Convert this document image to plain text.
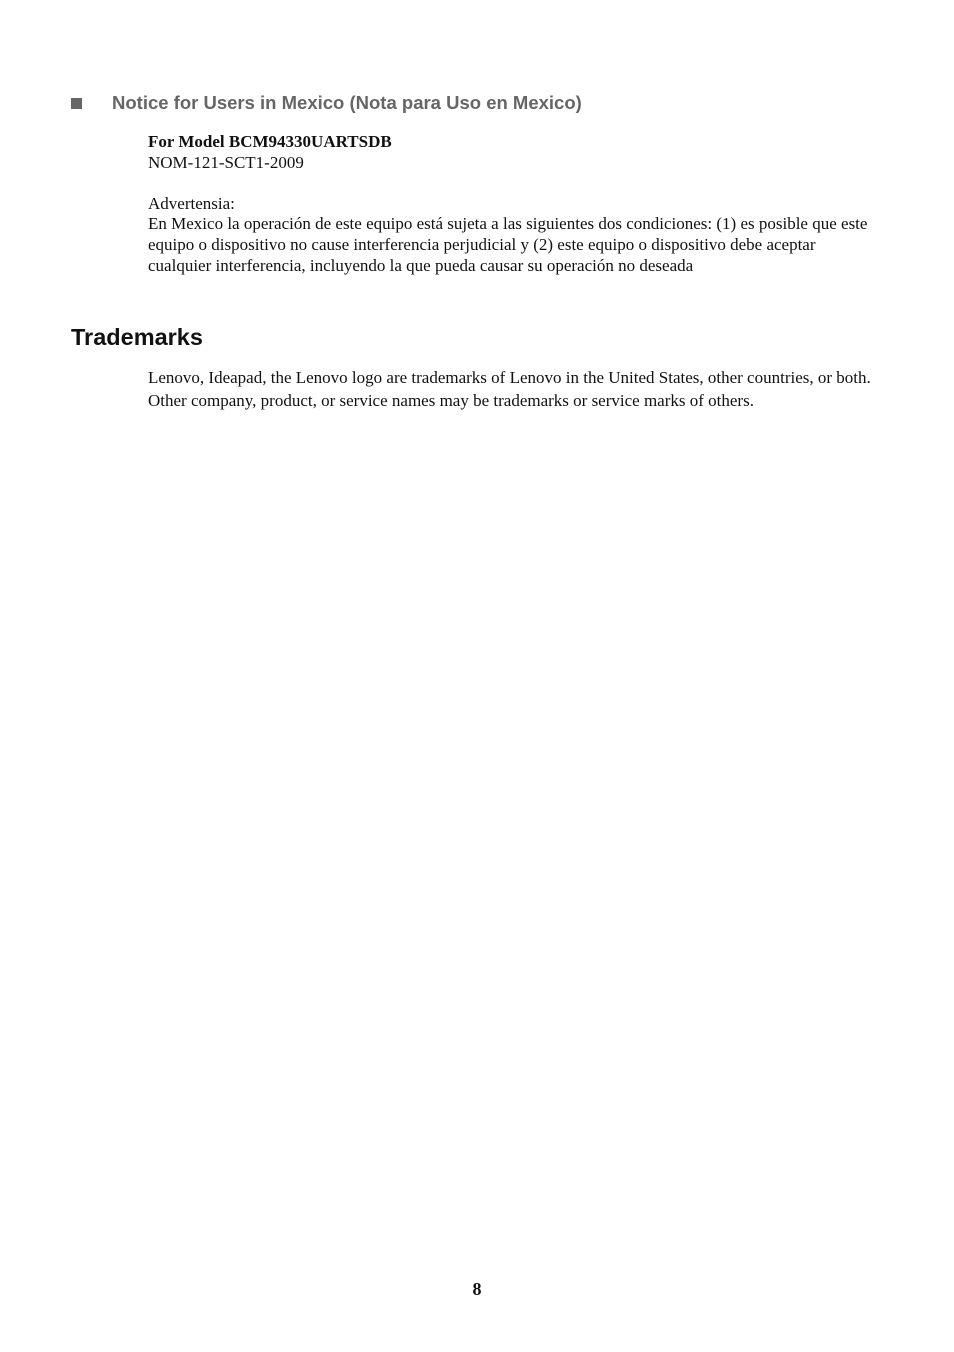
Notice for Users in Mexico (Nota para Uso en Mexico)

For Model BCM94330UARTSDB

NOM-121-SCT1-2009

Advertensia:

En Mexico la operación de este equipo está sujeta a las siguientes dos condiciones: (1) es posible que este equipo o dispositivo no cause interferencia perjudicial y (2) este equipo o dispositivo debe aceptar cualquier interferencia, incluyendo la que pueda causar su operación no deseada

Trademarks

Lenovo, Ideapad, the Lenovo logo are trademarks of Lenovo in the United States, other countries, or both.

Other company, product, or service names may be trademarks or service marks of others.

8
